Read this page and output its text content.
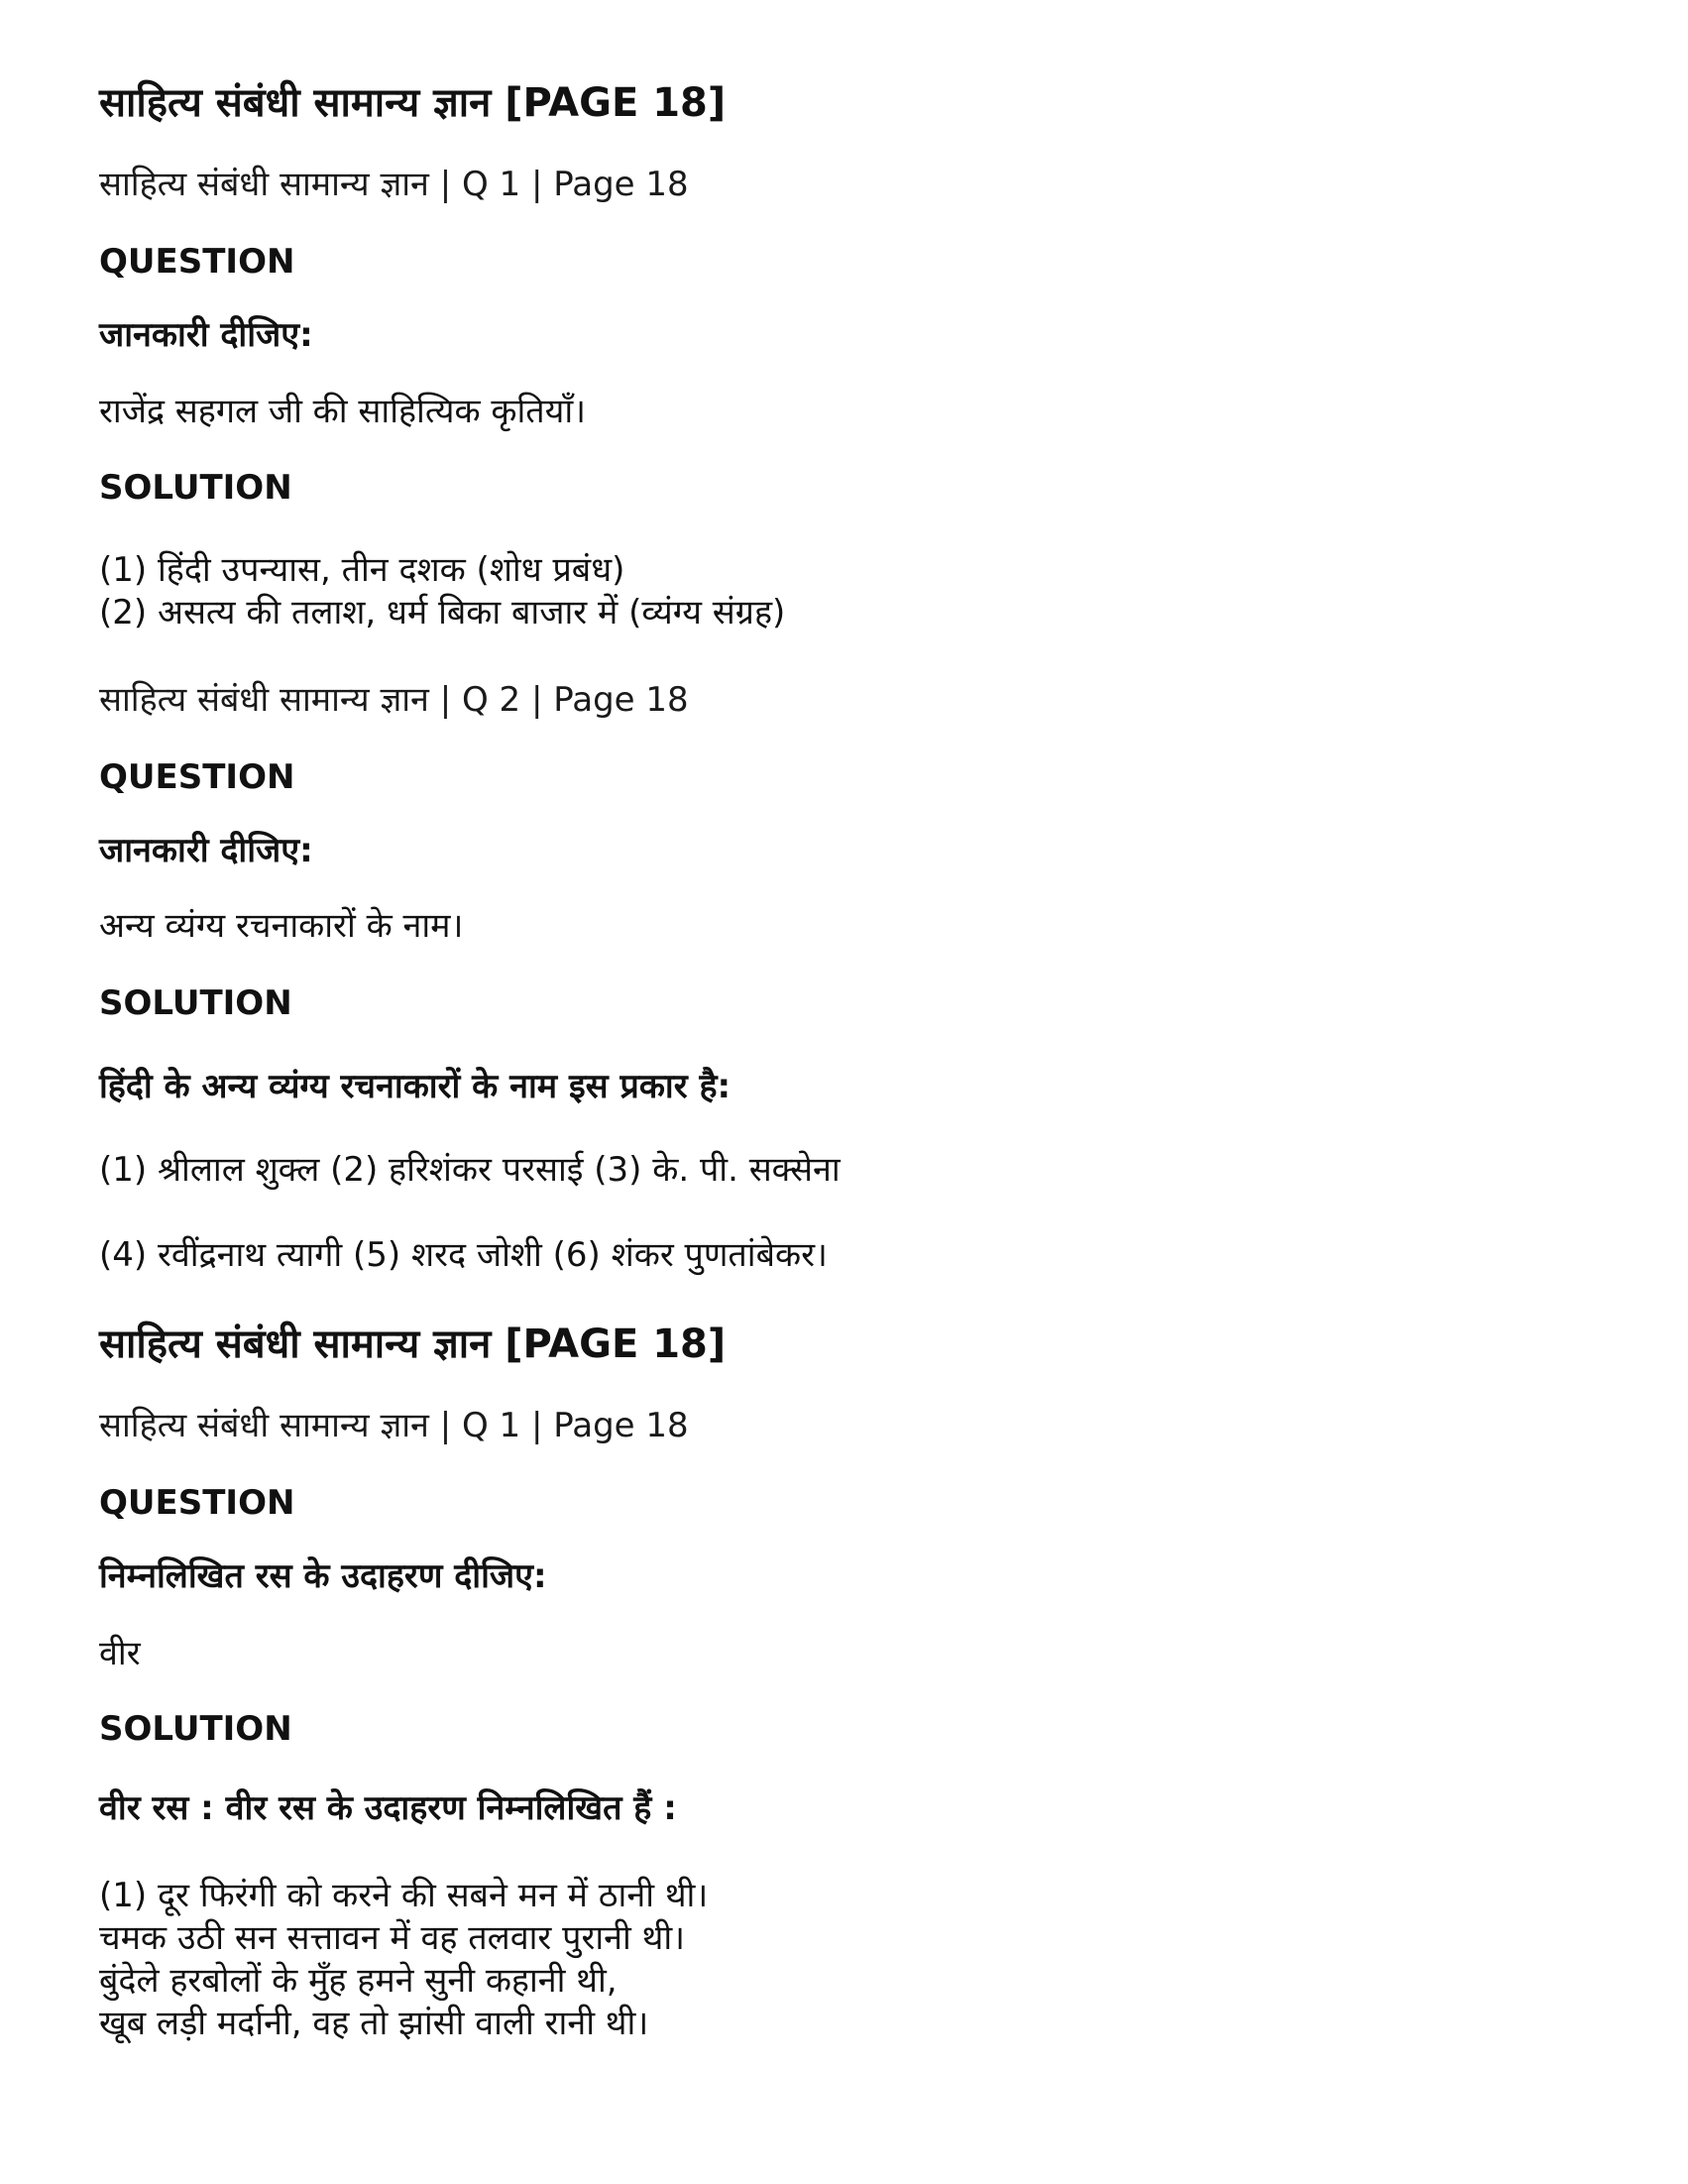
साहित्य संबंधी सामान्य ज्ञान [PAGE 18]
साहित्य संबंधी सामान्य ज्ञान | Q 1 | Page 18
QUESTION
जानकारी दीजिए:
राजेंद्र सहगल जी की साहित्यिक कृतियाँ।
SOLUTION
(1) हिंदी उपन्यास, तीन दशक (शोध प्रबंध)
(2) असत्य की तलाश, धर्म बिका बाजार में (व्यंग्य संग्रह)
साहित्य संबंधी सामान्य ज्ञान | Q 2 | Page 18
QUESTION
जानकारी दीजिए:
अन्य व्यंग्य रचनाकारों के नाम।
SOLUTION
हिंदी के अन्य व्यंग्य रचनाकारों के नाम इस प्रकार है:
(1) श्रीलाल शुक्ल (2) हरिशंकर परसाई (3) के. पी. सक्सेना
(4) रवींद्रनाथ त्यागी (5) शरद जोशी (6) शंकर पुणतांबेकर।
साहित्य संबंधी सामान्य ज्ञान [PAGE 18]
साहित्य संबंधी सामान्य ज्ञान | Q 1 | Page 18
QUESTION
निम्नलिखित रस के उदाहरण दीजिए:
वीर
SOLUTION
वीर रस : वीर रस के उदाहरण निम्नलिखित हैं :
(1) दूर फिरंगी को करने की सबने मन में ठानी थी।
चमक उठी सन सत्तावन में वह तलवार पुरानी थी।
बुंदेले हरबोलों के मुँह हमने सुनी कहानी थी,
खूब लड़ी मर्दानी, वह तो झांसी वाली रानी थी।
